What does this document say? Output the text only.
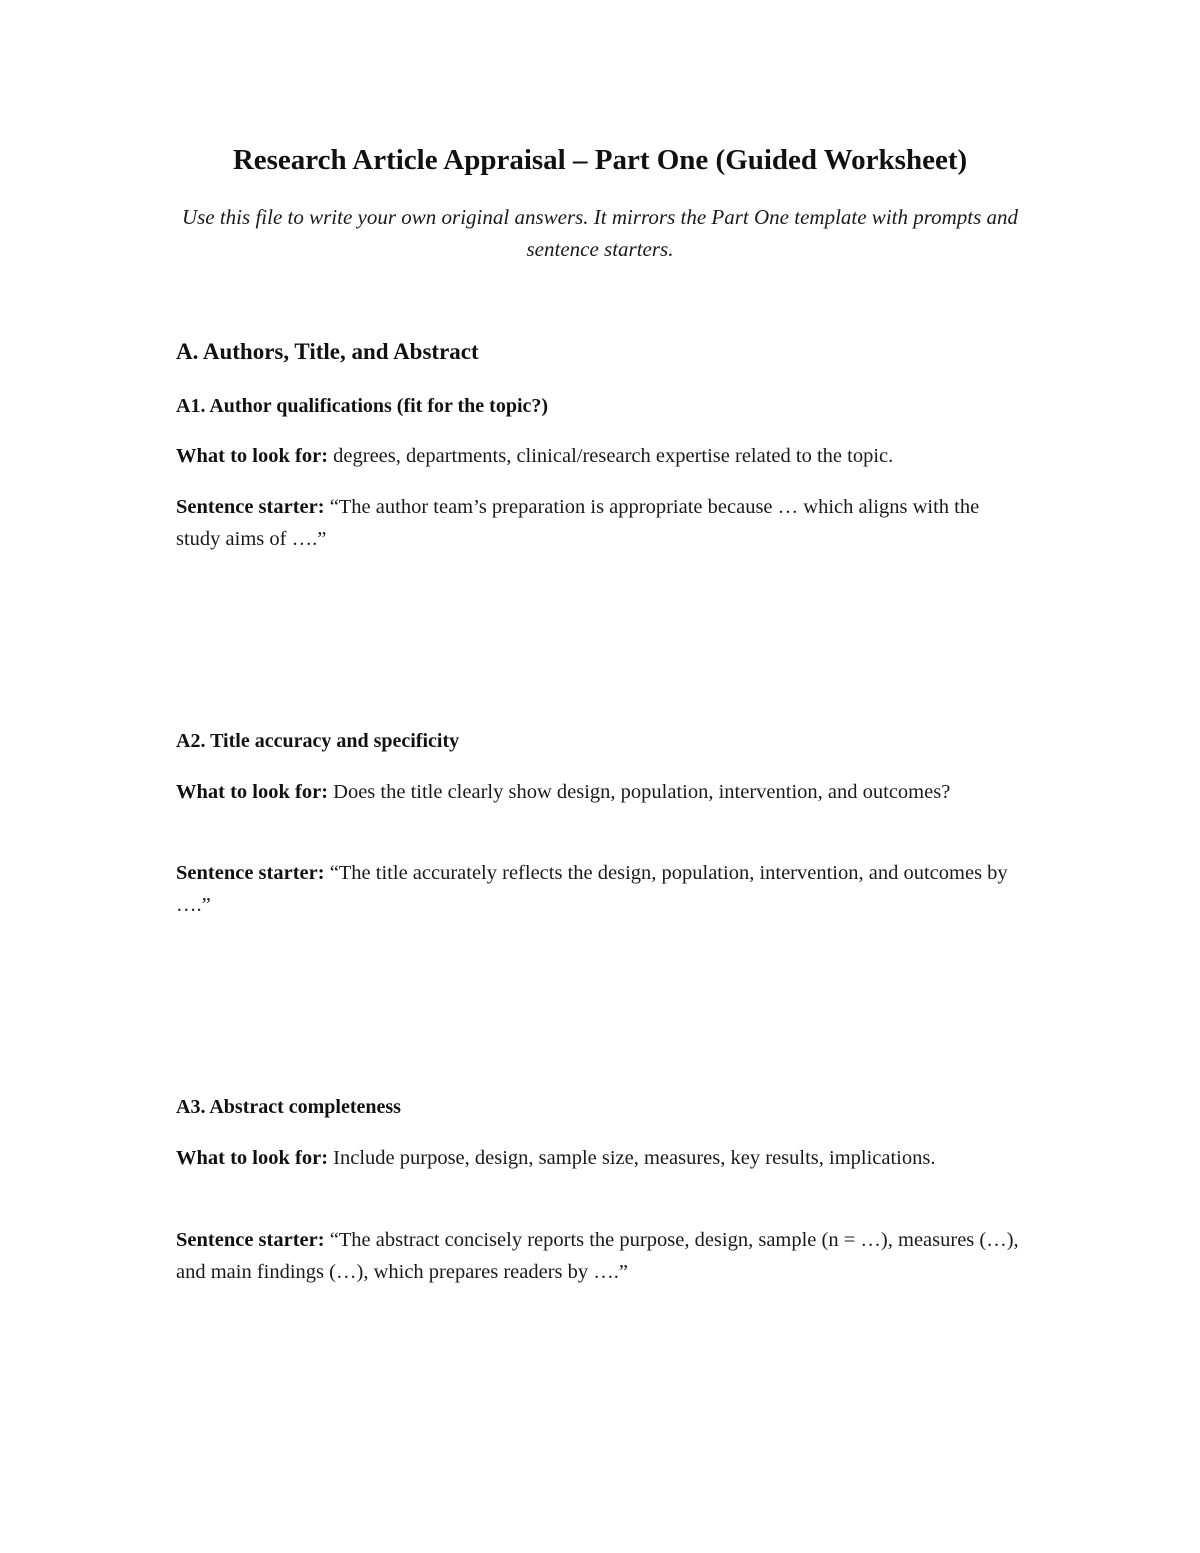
Research Article Appraisal – Part One (Guided Worksheet)

Use this file to write your own original answers. It mirrors the Part One template with prompts and sentence starters.

A. Authors, Title, and Abstract
A1. Author qualifications (fit for the topic?)

What to look for: degrees, departments, clinical/research expertise related to the topic.

Sentence starter: “The author team’s preparation is appropriate because … which aligns with the study aims of ….”

A2. Title accuracy and specificity

What to look for: Does the title clearly show design, population, intervention, and outcomes?

Sentence starter: “The title accurately reflects the design, population, intervention, and outcomes by ….”

A3. Abstract completeness

What to look for: Include purpose, design, sample size, measures, key results, implications.

Sentence starter: “The abstract concisely reports the purpose, design, sample (n = …), measures (…), and main findings (…), which prepares readers by ….”
